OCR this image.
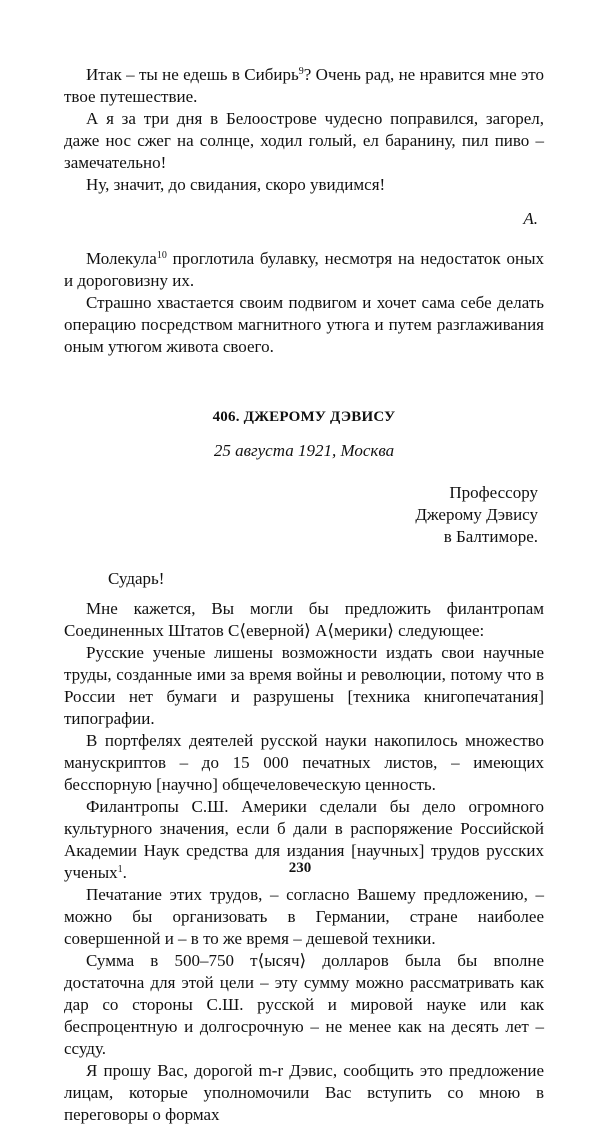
Итак – ты не едешь в Сибирь$^9$? Очень рад, не нравится мне это твое путешествие.

А я за три дня в Белоострове чудесно поправился, загорел, даже нос сжег на солнце, ходил голый, ел баранину, пил пиво – замечательно!

Ну, значит, до свидания, скоро увидимся!

А.

Молекула$^{10}$ проглотила булавку, несмотря на недостаток оных и дороговизну их.

Страшно хвастается своим подвигом и хочет сама себе делать операцию посредством магнитного утюга и путем разглаживания оным утюгом живота своего.

406. ДЖЕРОМУ ДЭВИСУ

25 августа 1921, Москва

Профессору
Джерому Дэвису
в Балтиморе.

Сударь!

Мне кажется, Вы могли бы предложить филантропам Соединенных Штатов С⟨еверной⟩ А⟨мерики⟩ следующее:

Русские ученые лишены возможности издать свои научные труды, созданные ими за время войны и революции, потому что в России нет бумаги и разрушены [техника книгопечатания] типографии.

В портфелях деятелей русской науки накопилось множество манускриптов – до 15 000 печатных листов, – имеющих бесспорную [научно] общечеловеческую ценность.

Филантропы С.Ш. Америки сделали бы дело огромного культурного значения, если б дали в распоряжение Российской Академии Наук средства для издания [научных] трудов русских ученых$^1$.

Печатание этих трудов, – согласно Вашему предложению, – можно бы организовать в Германии, стране наиболее совершенной и – в то же время – дешевой техники.

Сумма в 500–750 т⟨ысяч⟩ долларов была бы вполне достаточна для этой цели – эту сумму можно рассматривать как дар со стороны С.Ш. русской и мировой науке или как беспроцентную и долгосрочную – не менее как на десять лет – ссуду.

Я прошу Вас, дорогой m-r Дэвис, сообщить это предложение лицам, которые уполномочили Вас вступить со мною в переговоры о формах

230
